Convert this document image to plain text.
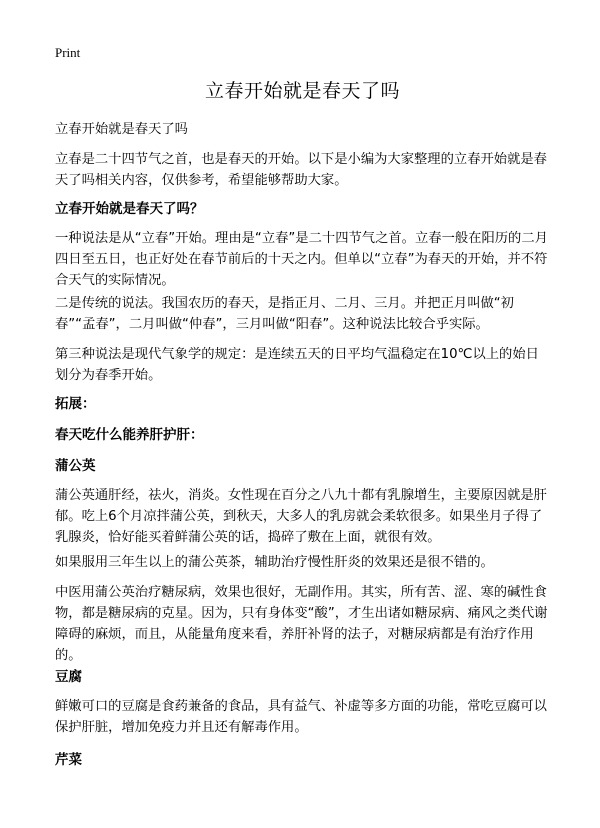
Print
立春开始就是春天了吗

立春开始就是春天了吗

立春是二十四节气之首，也是春天的开始。以下是小编为大家整理的立春开始就是春天了吗相关内容，仅供参考，希望能够帮助大家。

立春开始就是春天了吗？

一种说法是从“立春”开始。理由是“立春”是二十四节气之首。立春一般在阳历的二月四日至五日，也正好处在春节前后的十天之内。但单以“立春”为春天的开始，并不符合天气的实际情况。

二是传统的说法。我国农历的春天，是指正月、二月、三月。并把正月叫做“初春”“孟春”，二月叫做“仲春”，三月叫做“阳春”。这种说法比较合乎实际。

第三种说法是现代气象学的规定：是连续五天的日平均气温稳定在10℃以上的始日划分为春季开始。

拓展：
春天吃什么能养肝护肝：
蒲公英

蒲公英通肝经，祛火，消炎。女性现在百分之八九十都有乳腺增生，主要原因就是肝郁。吃上6个月凉拌蒲公英，到秋天，大多人的乳房就会柔软很多。如果坐月子得了乳腺炎，恰好能买着鲜蒲公英的话，捣碎了敷在上面，就很有效。

如果服用三年生以上的蒲公英茶，辅助治疗慢性肝炎的效果还是很不错的。

中医用蒲公英治疗糖尿病，效果也很好，无副作用。其实，所有苦、涩、寒的碱性食物，都是糖尿病的克星。因为，只有身体变“酸”，才生出诸如糖尿病、痛风之类代谢障碍的麻烦，而且，从能量角度来看，养肝补肾的法子，对糖尿病都是有治疗作用的。

豆腐

鲜嫩可口的豆腐是食药兼备的食品，具有益气、补虚等多方面的功能，常吃豆腐可以保护肝脏，增加免疫力并且还有解毒作用。

芹菜
